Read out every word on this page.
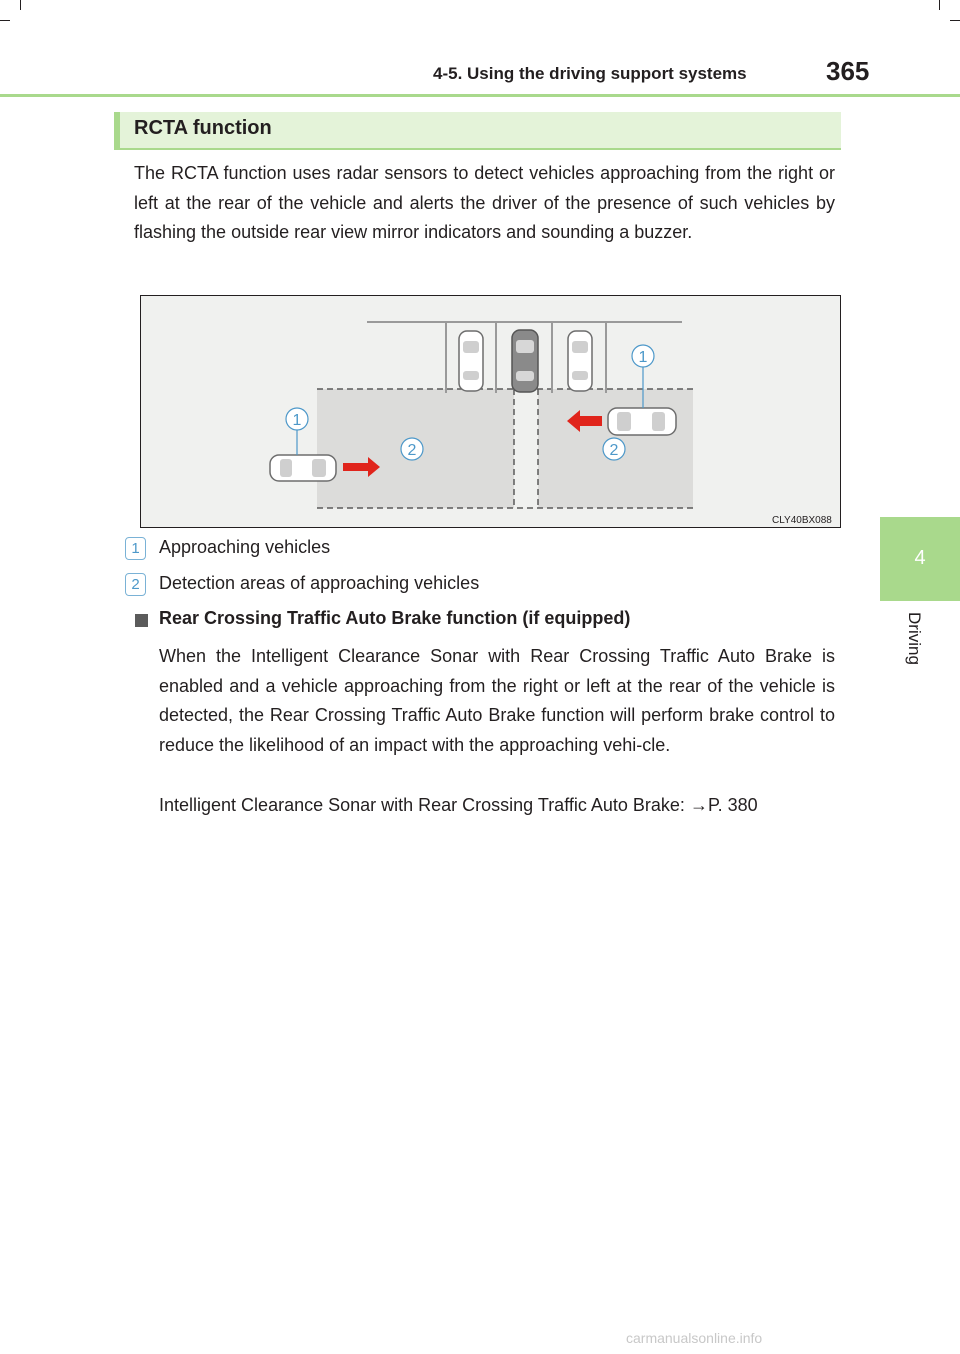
4-5. Using the driving support systems	365
4
Driving
RCTA function
The RCTA function uses radar sensors to detect vehicles approaching from the right or left at the rear of the vehicle and alerts the driver of the presence of such vehicles by flashing the outside rear view mirror indicators and sounding a buzzer.
1
1
2	2
CLY40BX088
1	Approaching vehicles
2	Detection areas of approaching vehicles
Rear Crossing Traffic Auto Brake function (if equipped)
When the Intelligent Clearance Sonar with Rear Crossing Traffic Auto Brake is enabled and a vehicle approaching from the right or left at the rear of the vehicle is detected, the Rear Crossing Traffic Auto Brake function will perform brake control to reduce the likelihood of an impact with the approaching vehi-cle.
Intelligent Clearance Sonar with Rear Crossing Traffic Auto Brake: →P. 380
carmanualsonline.info
